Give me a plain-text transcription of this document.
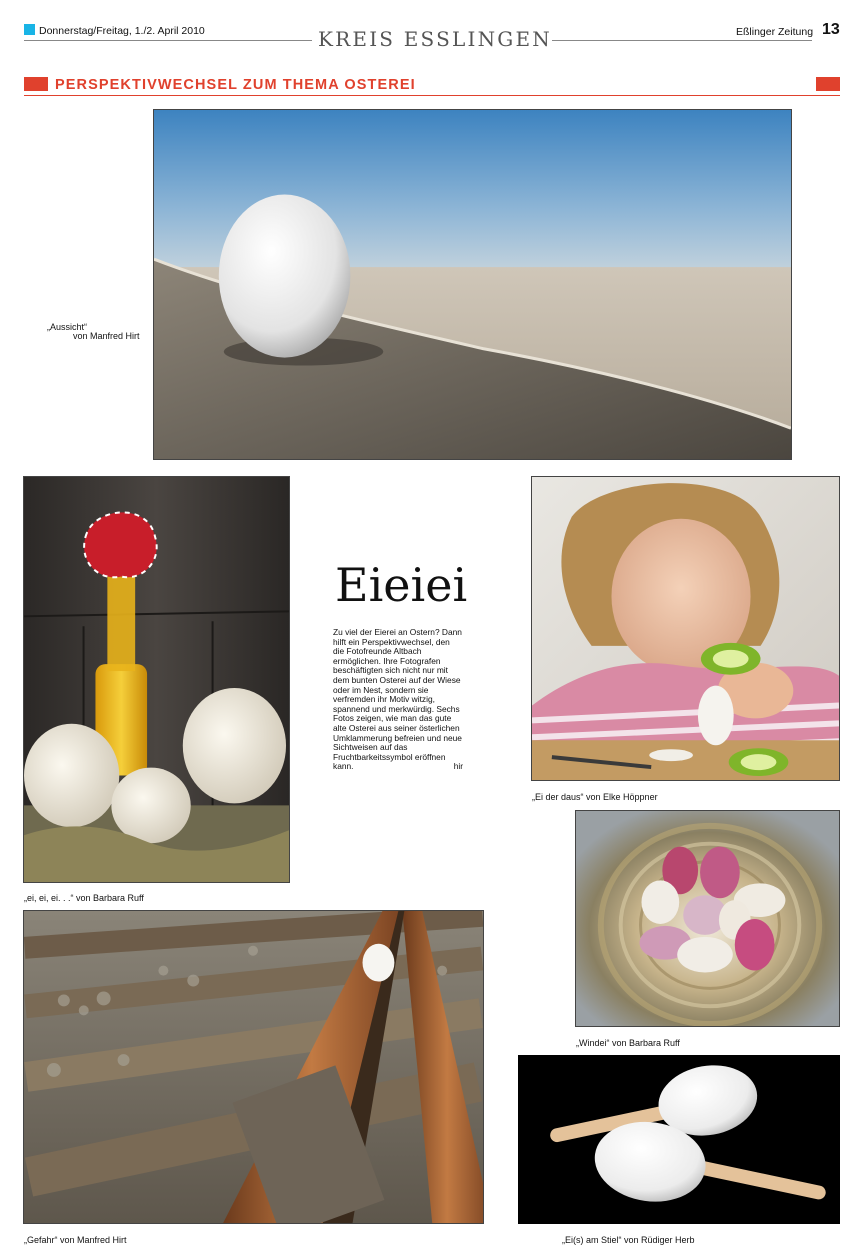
Donnerstag/Freitag, 1./2. April 2010	KREIS ESSLINGEN	Eßlinger Zeitung 13
PERSPEKTIVWECHSEL ZUM THEMA OSTEREI
„Aussicht“
von Manfred Hirt
„ei, ei, ei. . .“ von Barbara Ruff
Eieiei
Zu viel der Eierei an Ostern? Dann hilft ein Perspektivwechsel, den die Fotofreunde Altbach ermöglichen. Ihre Fotografen beschäftigten sich nicht nur mit dem bunten Osterei auf der Wiese oder im Nest, sondern sie verfremden ihr Motiv witzig, spannend und merkwürdig. Sechs Fotos zeigen, wie man das gute alte Osterei aus seiner österlichen Umklammerung befreien und neue Sichtweisen auf das Fruchtbarkeitssymbol eröffnen kann.	hir
„Ei der daus“ von Elke Höppner
„Windei“ von Barbara Ruff
„Gefahr“ von Manfred Hirt	„Ei(s) am Stiel“ von Rüdiger Herb
